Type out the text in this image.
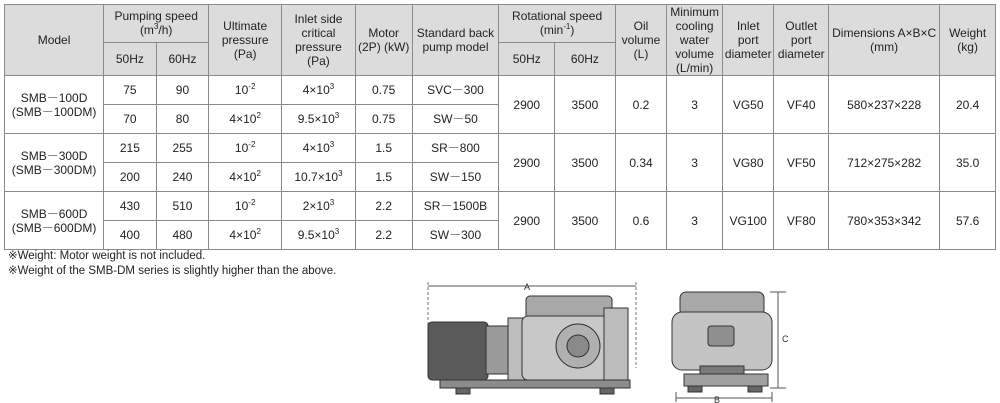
Model	Pumping speed
$(m^3/h)$		Ultimate pressure (Pa)	Inlet side critical pressure (Pa)	Motor (2P) (kW)	Standard back pump model	Rotational speed
$(\min^{-1})$		Oil volume (L)	Minimum cooling water volume (L/min)	Inlet port diameter	Outlet port diameter	Dimensions A×B×C (mm)	Weight (kg)
	50Hz	60Hz					50Hz	60Hz						
SMB－100D
(SMB－100DM)	75	90	$10^{-2}$	$4\times 10^3$	0.75	SVC－300	2900	3500	0.2	3	VG50	VF40	580×237×228	20.4
	70	80	$4\times 10^2$	$9.5\times 10^3$	0.75	SW－50								
SMB－300D
(SMB－300DM)	215	255	$10^{-2}$	$4\times 10^3$	1.5	SR－800	2900	3500	0.34	3	VG80	VF50	712×275×282	35.0
	200	240	$4\times 10^2$	$10.7\times 10^3$	1.5	SW－150								
SMB－600D
(SMB－600DM)	430	510	$10^{-2}$	$2\times 10^3$	2.2	SR－1500B	2900	3500	0.6	3	VG100	VF80	780×353×342	57.6
	400	480	$4\times 10^2$	$9.5\times 10^3$	2.2	SW－300								
※Weight: Motor weight is not included.
※Weight of the SMB-DM series is slightly higher than the above.
A
C
B
